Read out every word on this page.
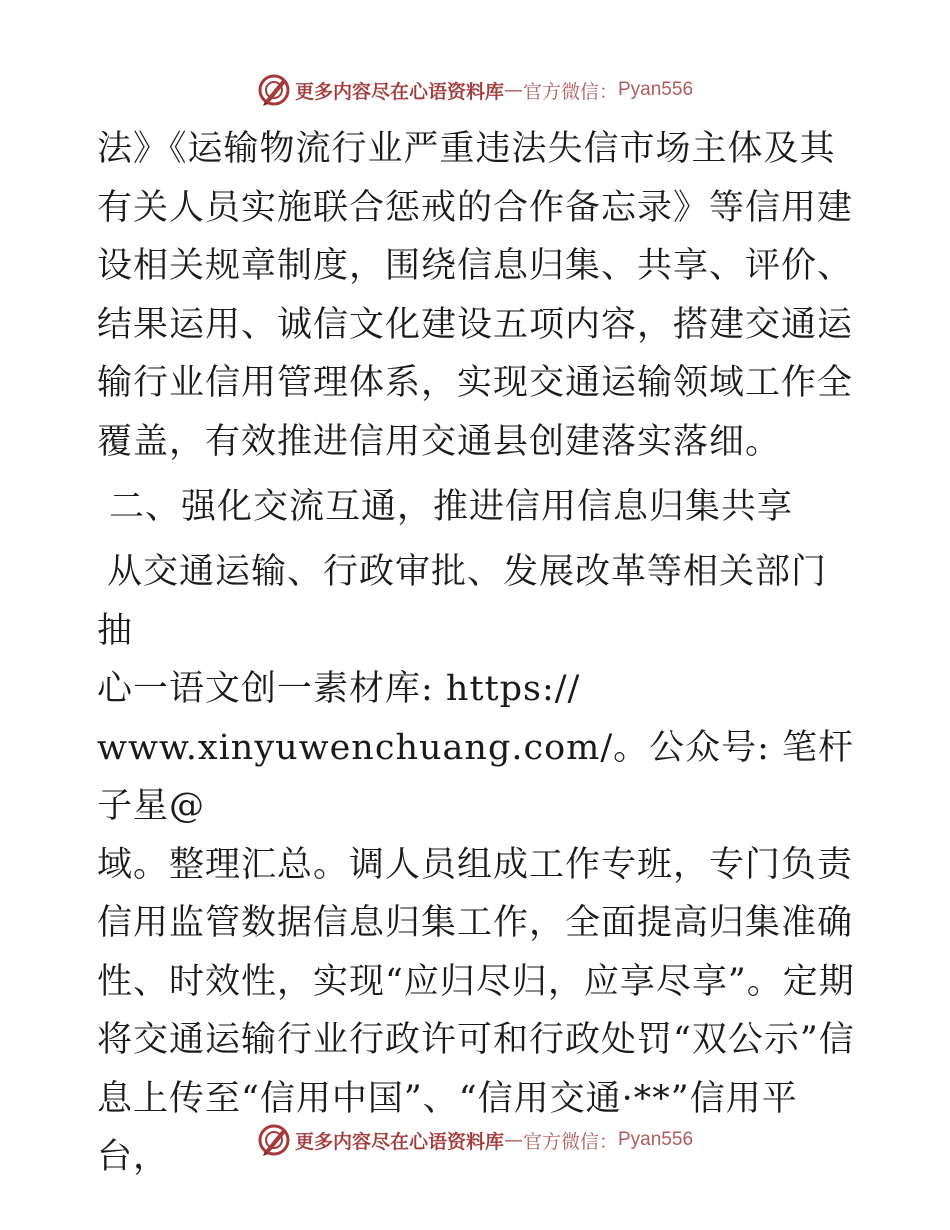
更多内容尽在心语资料库 — 官方微信： Pyan556

法》《运输物流行业严重违法失信市场主体及其有关人员实施联合惩戒的合作备忘录》等信用建设相关规章制度，围绕信息归集、共享、评价、结果运用、诚信文化建设五项内容，搭建交通运输行业信用管理体系，实现交通运输领域工作全覆盖，有效推进信用交通县创建落实落细。

二、强化交流互通，推进信用信息归集共享

从交通运输、行政审批、发展改革等相关部门抽

心一语文创一素材库: https://

www.xinyuwenchuang.com/。公众号: 笔杆子星@

域。整理汇总。调人员组成工作专班，专门负责信用监管数据信息归集工作，全面提高归集准确性、时效性，实现“应归尽归，应享尽享”。定期将交通运输行业行政许可和行政处罚“双公示”信息上传至“信用中国”、“信用交通·**”信用平台，	更多内容尽在心语资料库 — 官方微信： Pyan556
